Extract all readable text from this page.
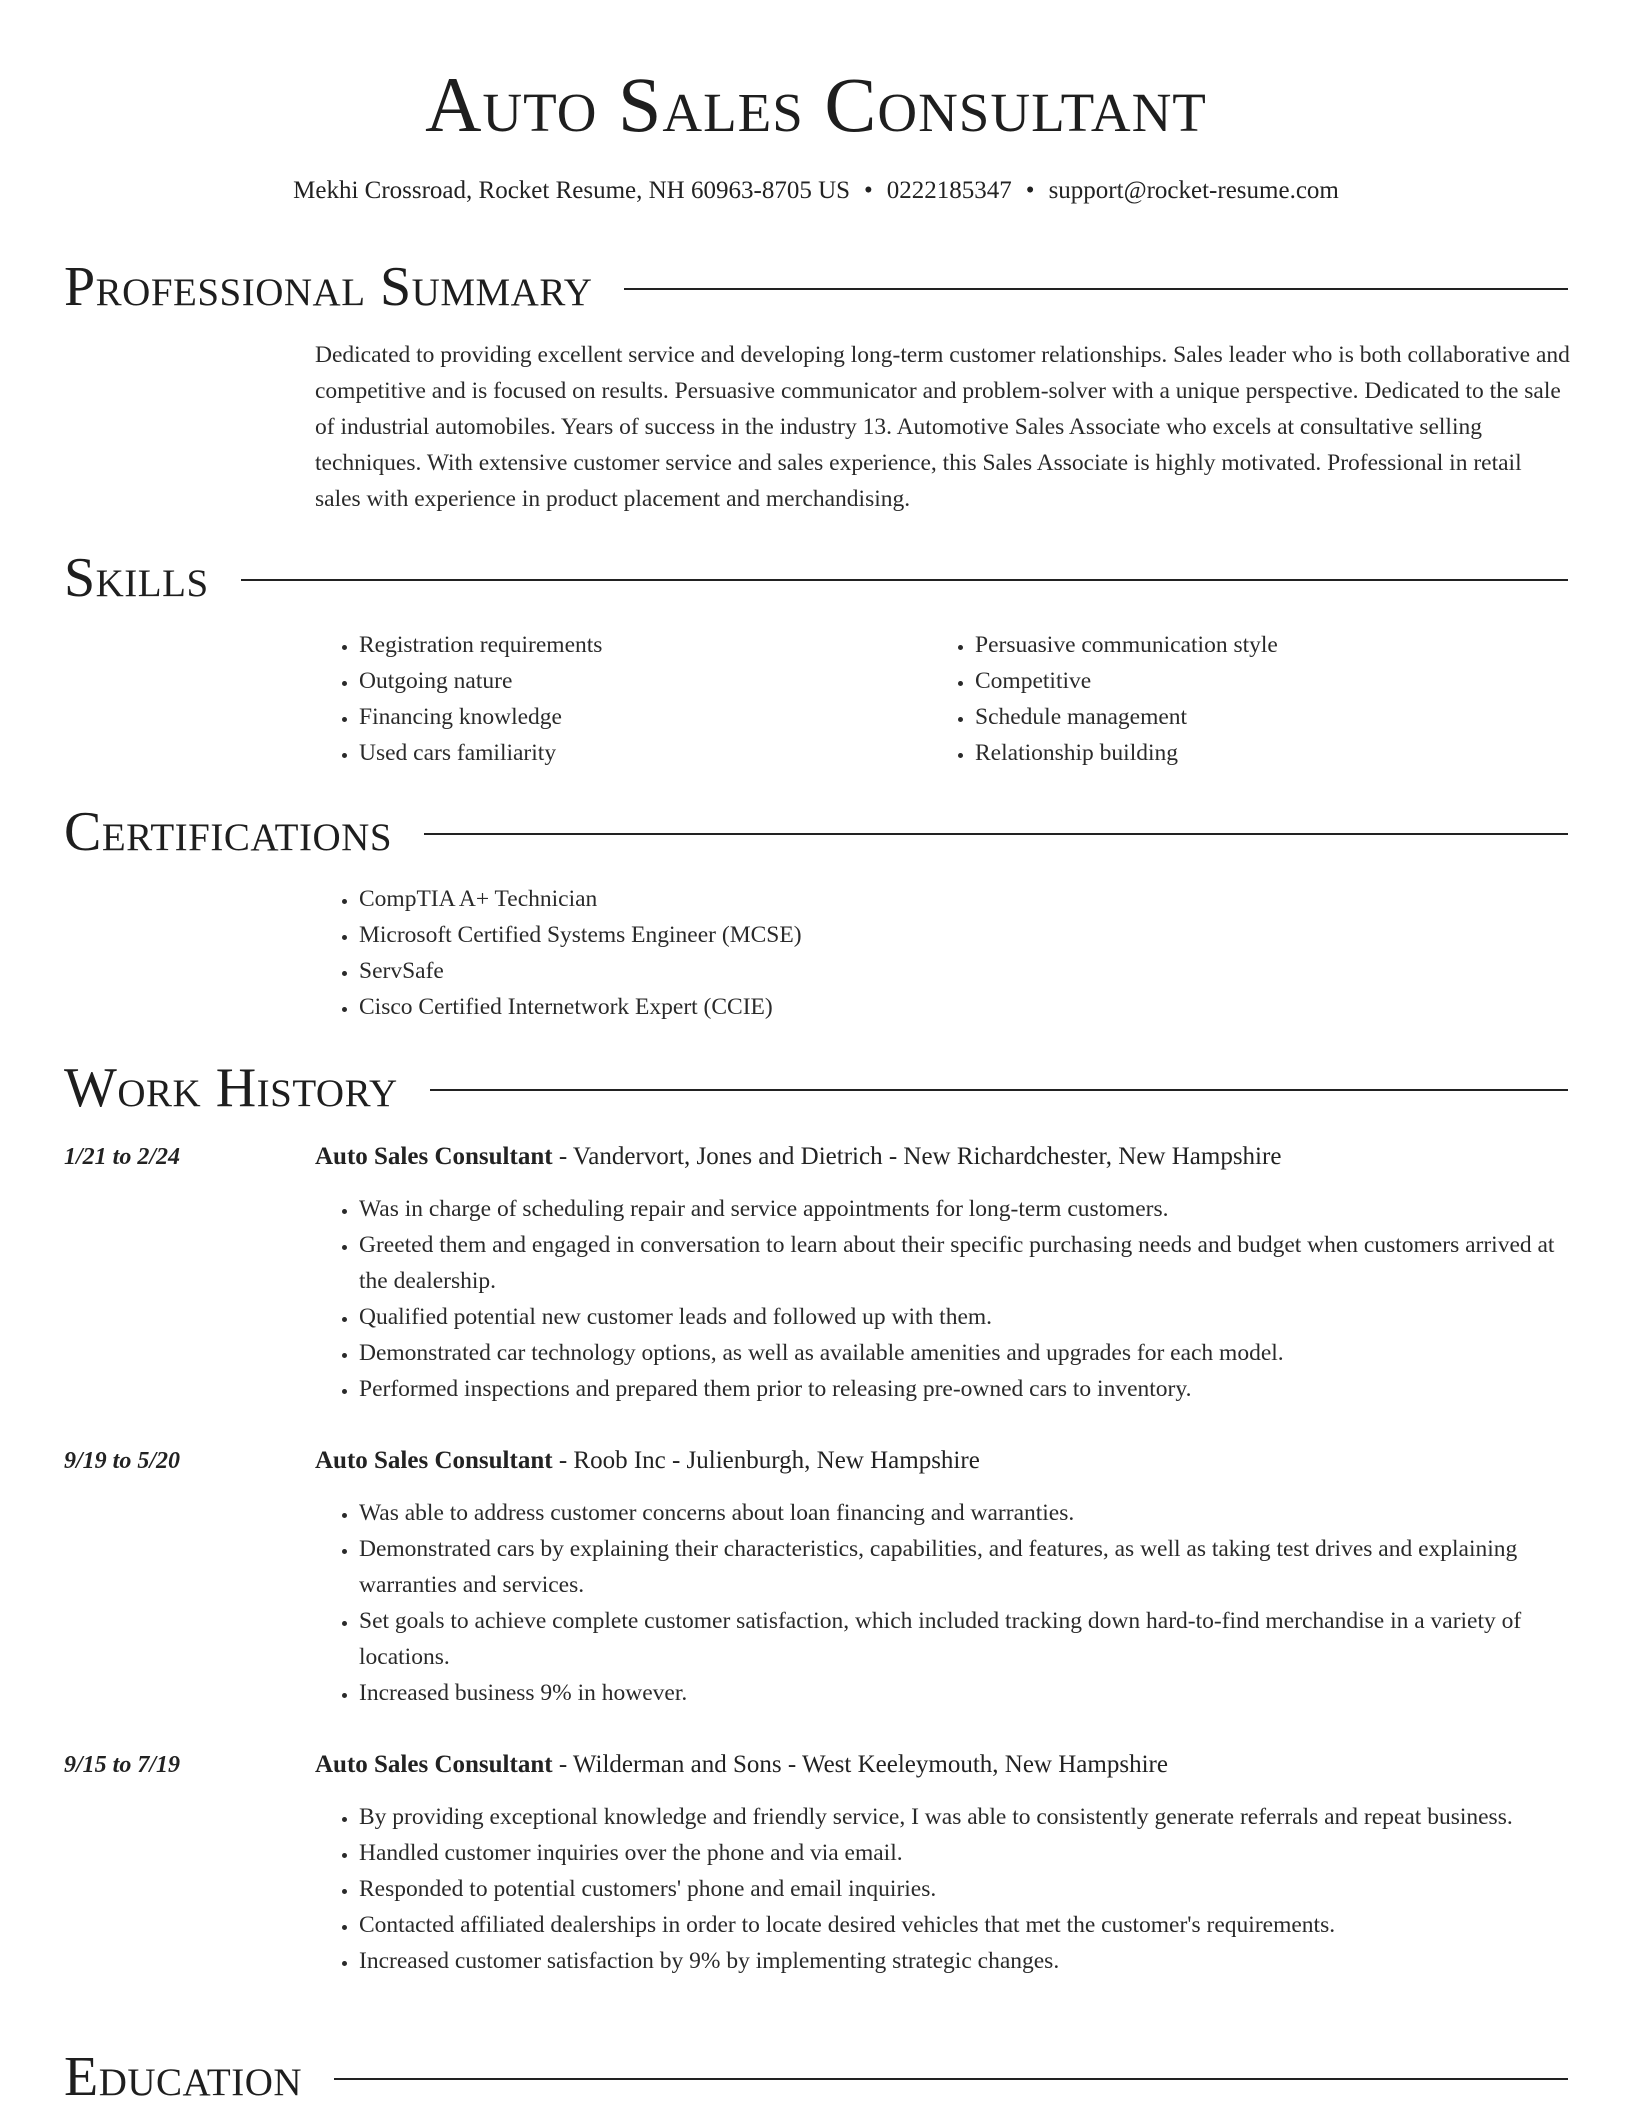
Auto Sales Consultant
Mekhi Crossroad, Rocket Resume, NH 60963-8705 US • 0222185347 • support@rocket-resume.com
Professional Summary
Dedicated to providing excellent service and developing long-term customer relationships. Sales leader who is both collaborative and competitive and is focused on results. Persuasive communicator and problem-solver with a unique perspective. Dedicated to the sale of industrial automobiles. Years of success in the industry 13. Automotive Sales Associate who excels at consultative selling techniques. With extensive customer service and sales experience, this Sales Associate is highly motivated. Professional in retail sales with experience in product placement and merchandising.
Skills
• Registration requirements
• Outgoing nature
• Financing knowledge
• Used cars familiarity
• Persuasive communication style
• Competitive
• Schedule management
• Relationship building
Certifications
• CompTIA A+ Technician
• Microsoft Certified Systems Engineer (MCSE)
• ServSafe
• Cisco Certified Internetwork Expert (CCIE)
Work History
1/21 to 2/24	Auto Sales Consultant - Vandervort, Jones and Dietrich - New Richardchester, New Hampshire
• Was in charge of scheduling repair and service appointments for long-term customers.
• Greeted them and engaged in conversation to learn about their specific purchasing needs and budget when customers arrived at the dealership.
• Qualified potential new customer leads and followed up with them.
• Demonstrated car technology options, as well as available amenities and upgrades for each model.
• Performed inspections and prepared them prior to releasing pre-owned cars to inventory.
9/19 to 5/20	Auto Sales Consultant - Roob Inc - Julienburgh, New Hampshire
• Was able to address customer concerns about loan financing and warranties.
• Demonstrated cars by explaining their characteristics, capabilities, and features, as well as taking test drives and explaining warranties and services.
• Set goals to achieve complete customer satisfaction, which included tracking down hard-to-find merchandise in a variety of locations.
• Increased business 9% in however.
9/15 to 7/19	Auto Sales Consultant - Wilderman and Sons - West Keeleymouth, New Hampshire
• By providing exceptional knowledge and friendly service, I was able to consistently generate referrals and repeat business.
• Handled customer inquiries over the phone and via email.
• Responded to potential customers' phone and email inquiries.
• Contacted affiliated dealerships in order to locate desired vehicles that met the customer's requirements.
• Increased customer satisfaction by 9% by implementing strategic changes.
Education
